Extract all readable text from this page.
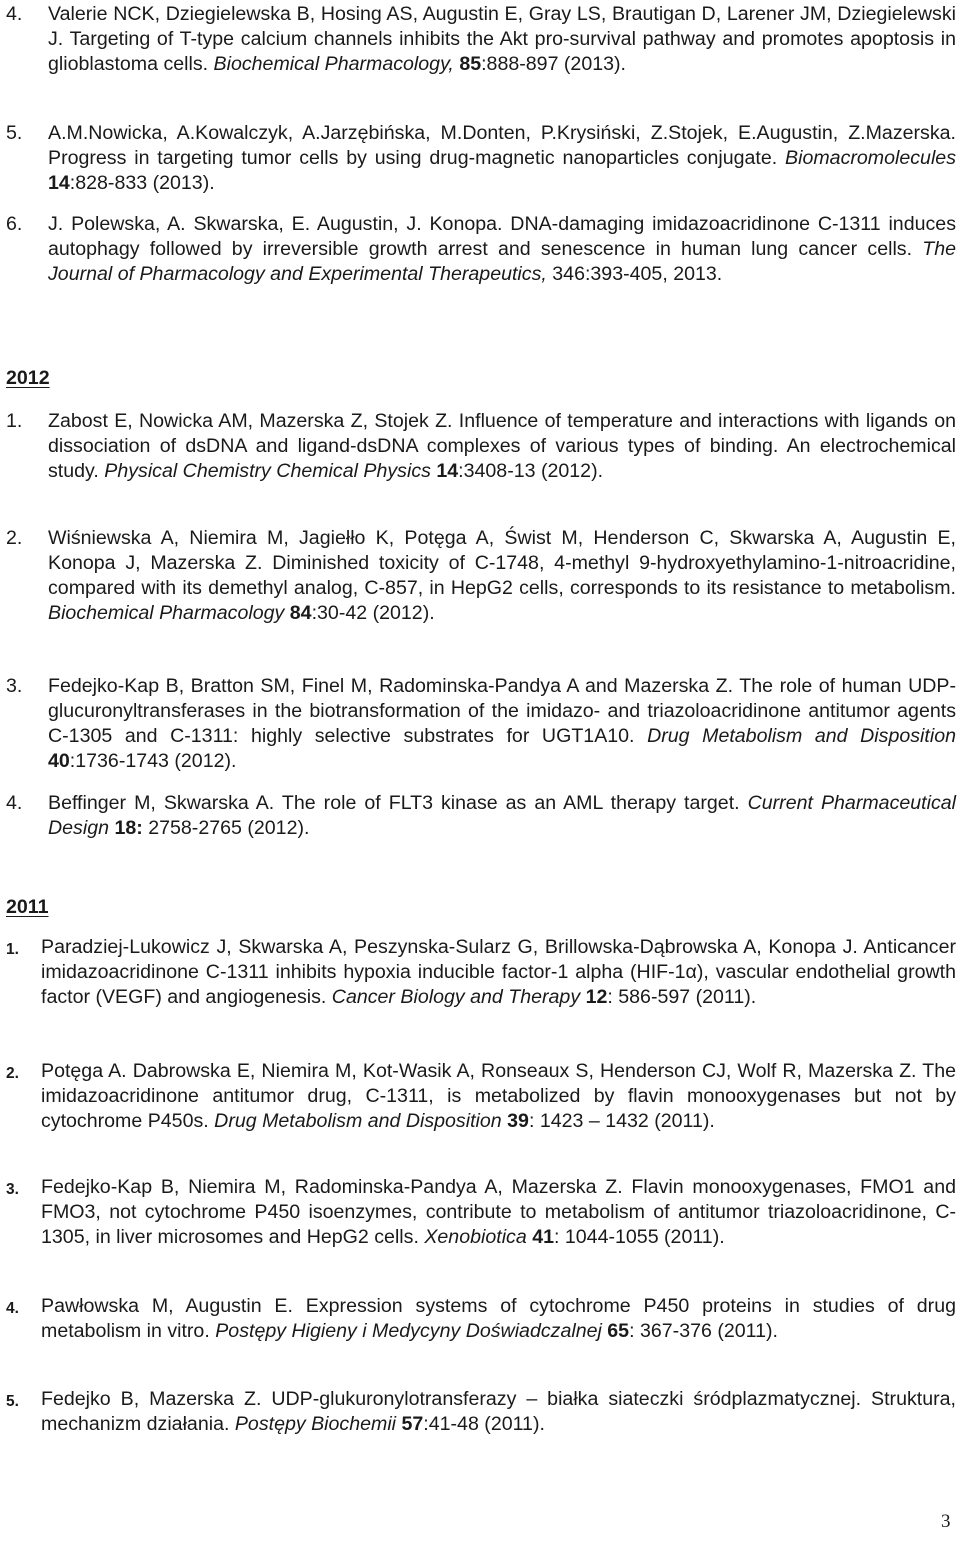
4. Valerie NCK, Dziegielewska B, Hosing AS, Augustin E, Gray LS, Brautigan D, Larener JM, Dziegielewski J. Targeting of T-type calcium channels inhibits the Akt pro-survival pathway and promotes apoptosis in glioblastoma cells. Biochemical Pharmacology, 85:888-897 (2013).
5. A.M.Nowicka, A.Kowalczyk, A.Jarzębińska, M.Donten, P.Krysiński, Z.Stojek, E.Augustin, Z.Mazerska. Progress in targeting tumor cells by using drug-magnetic nanoparticles conjugate. Biomacromolecules 14:828-833 (2013).
6. J. Polewska, A. Skwarska, E. Augustin, J. Konopa. DNA-damaging imidazoacridinone C-1311 induces autophagy followed by irreversible growth arrest and senescence in human lung cancer cells. The Journal of Pharmacology and Experimental Therapeutics, 346:393-405, 2013.
2012
1. Zabost E, Nowicka AM, Mazerska Z, Stojek Z. Influence of temperature and interactions with ligands on dissociation of dsDNA and ligand-dsDNA complexes of various types of binding. An electrochemical study. Physical Chemistry Chemical Physics 14:3408-13 (2012).
2. Wiśniewska A, Niemira M, Jagiełło K, Potęga A, Świst M, Henderson C, Skwarska A, Augustin E, Konopa J, Mazerska Z. Diminished toxicity of C-1748, 4-methyl 9-hydroxyethylamino-1-nitroacridine, compared with its demethyl analog, C-857, in HepG2 cells, corresponds to its resistance to metabolism. Biochemical Pharmacology 84:30-42 (2012).
3. Fedejko-Kap B, Bratton SM, Finel M, Radominska-Pandya A and Mazerska Z. The role of human UDP-glucuronyltransferases in the biotransformation of the imidazo- and triazoloacridinone antitumor agents C-1305 and C-1311: highly selective substrates for UGT1A10. Drug Metabolism and Disposition 40:1736-1743 (2012).
4. Beffinger M, Skwarska A. The role of FLT3 kinase as an AML therapy target. Current Pharmaceutical Design 18: 2758-2765 (2012).
2011
1. Paradziej-Lukowicz J, Skwarska A, Peszynska-Sularz G, Brillowska-Dąbrowska A, Konopa J. Anticancer imidazoacridinone C-1311 inhibits hypoxia inducible factor-1 alpha (HIF-1α), vascular endothelial growth factor (VEGF) and angiogenesis. Cancer Biology and Therapy 12: 586-597 (2011).
2. Potęga A. Dabrowska E, Niemira M, Kot-Wasik A, Ronseaux S, Henderson CJ, Wolf R, Mazerska Z. The imidazoacridinone antitumor drug, C-1311, is metabolized by flavin monooxygenases but not by cytochrome P450s. Drug Metabolism and Disposition 39: 1423 – 1432 (2011).
3. Fedejko-Kap B, Niemira M, Radominska-Pandya A, Mazerska Z. Flavin monooxygenases, FMO1 and FMO3, not cytochrome P450 isoenzymes, contribute to metabolism of antitumor triazoloacridinone, C-1305, in liver microsomes and HepG2 cells. Xenobiotica 41: 1044-1055 (2011).
4. Pawłowska M, Augustin E. Expression systems of cytochrome P450 proteins in studies of drug metabolism in vitro. Postępy Higieny i Medycyny Doświadczalnej 65: 367-376 (2011).
5. Fedejko B, Mazerska Z. UDP-glukuronylotransferazy – białka siateczki śródplazmatycznej. Struktura, mechanizm działania. Postępy Biochemii 57:41-48 (2011).
3
